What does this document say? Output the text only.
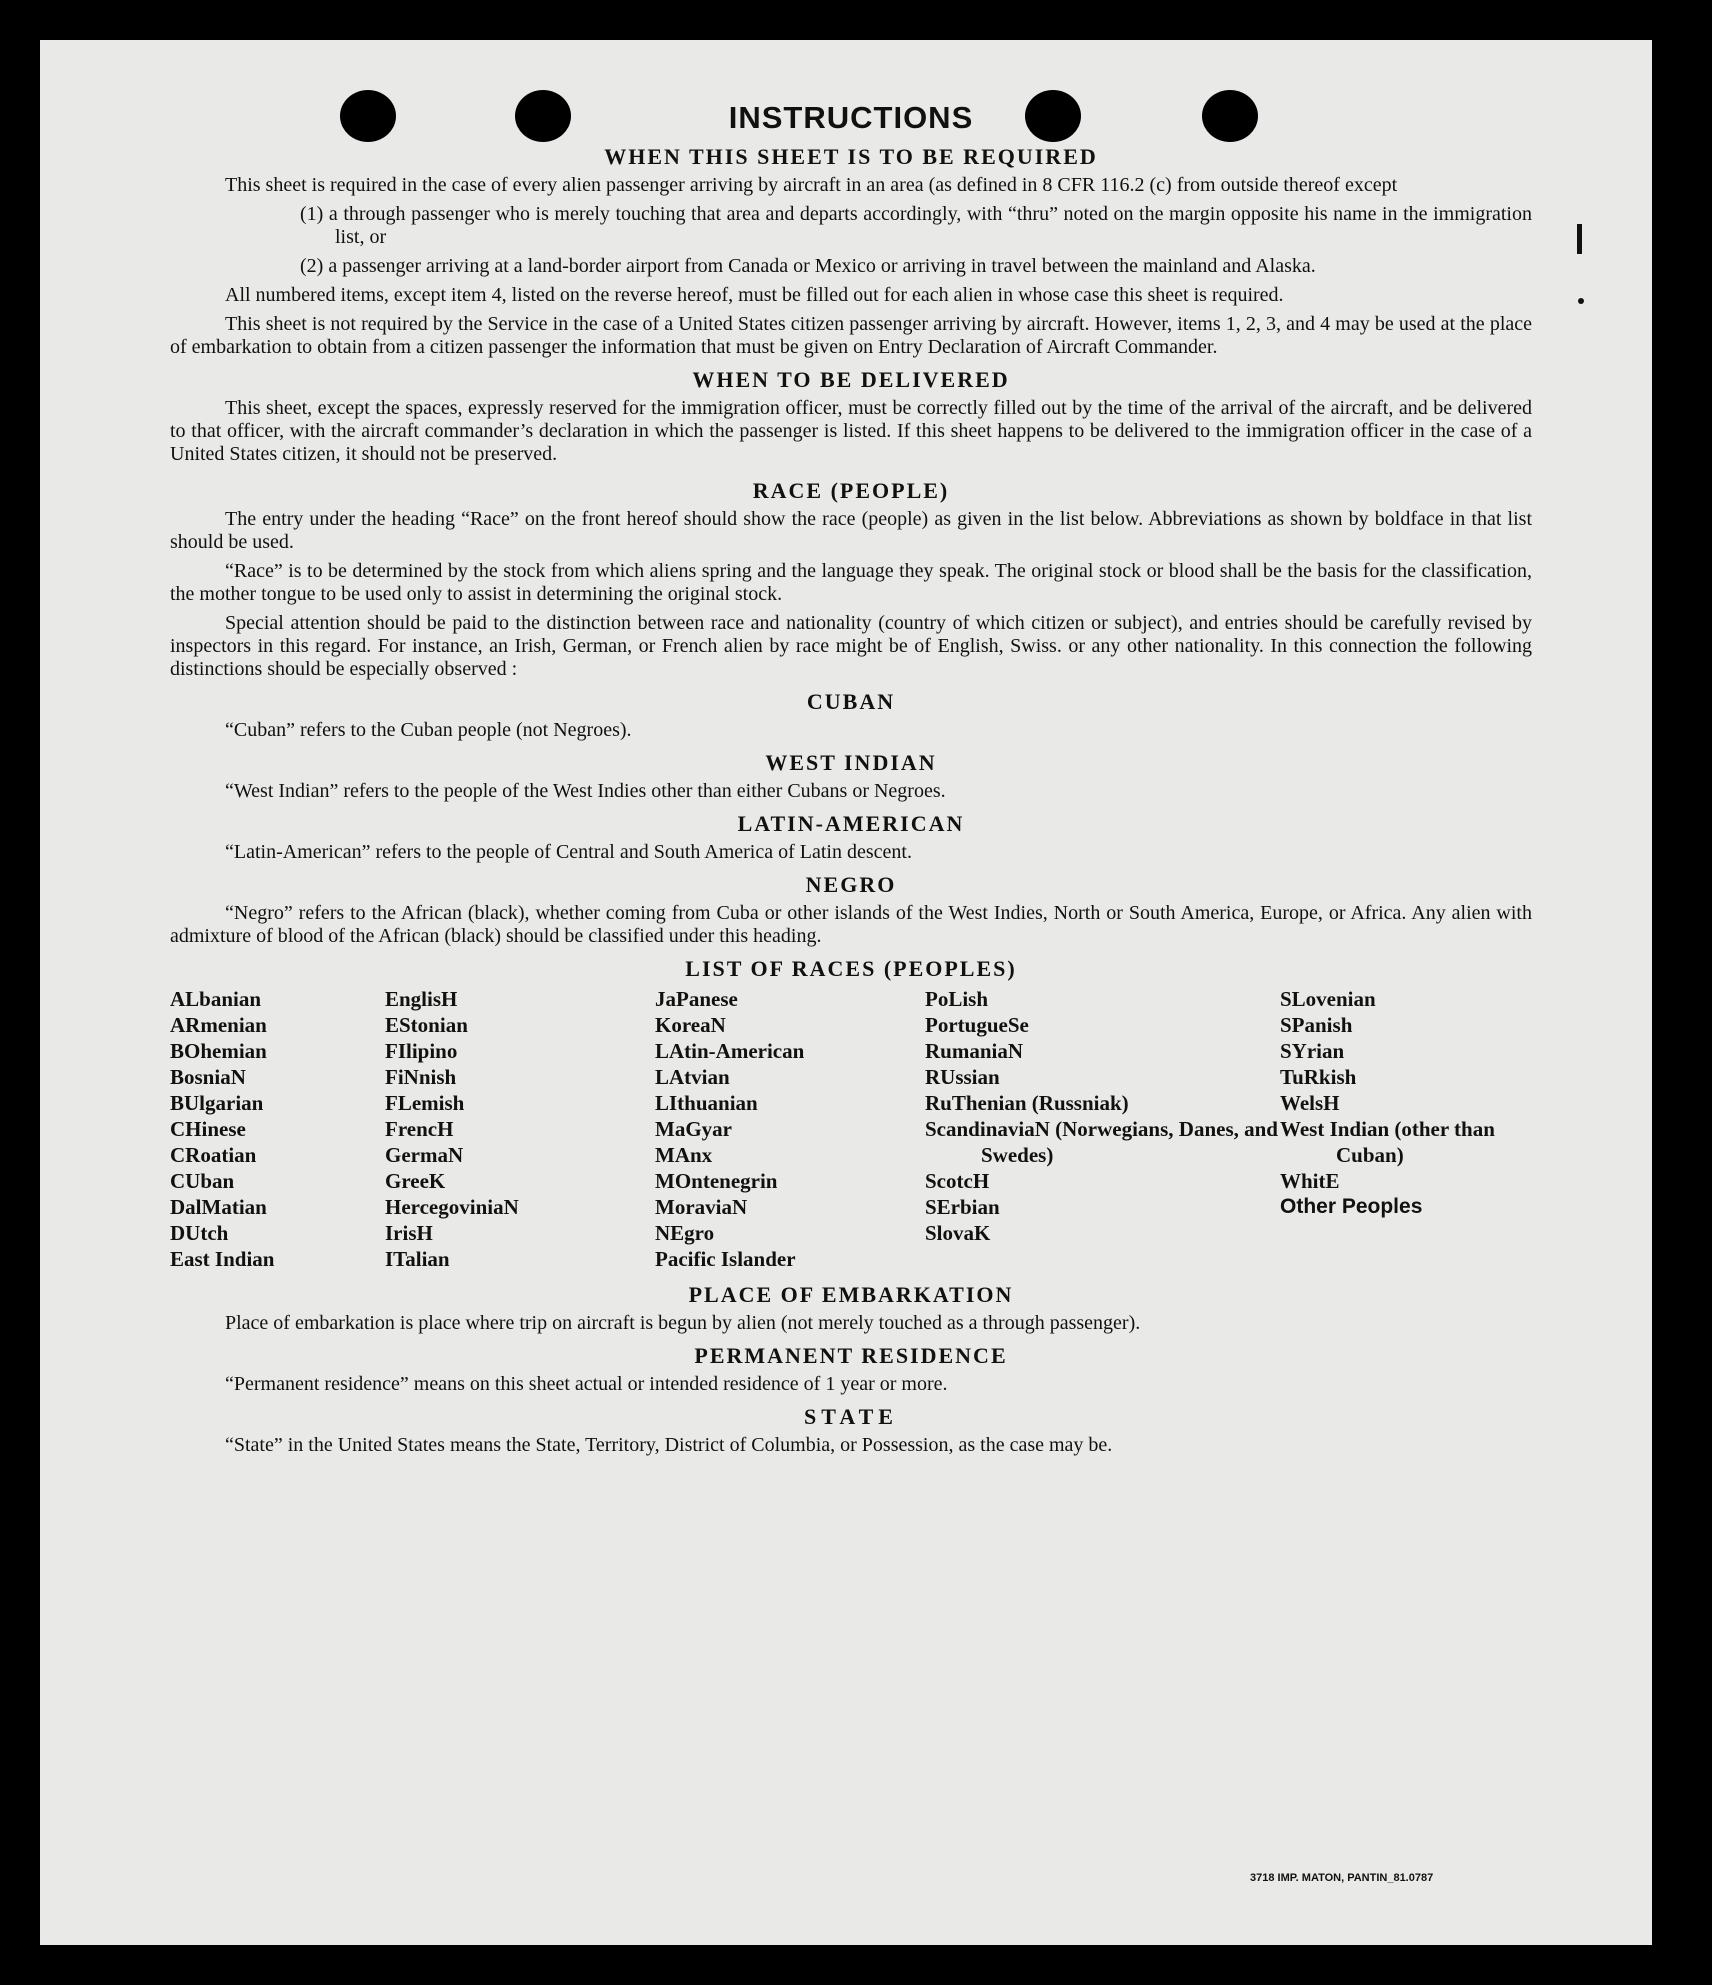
INSTRUCTIONS
WHEN THIS SHEET IS TO BE REQUIRED

This sheet is required in the case of every alien passenger arriving by aircraft in an area (as defined in 8 CFR 116.2 (c) from outside thereof except

(1) a through passenger who is merely touching that area and departs accordingly, with “thru” noted on the margin opposite his name in the immigration list, or

(2) a passenger arriving at a land-border airport from Canada or Mexico or arriving in travel between the mainland and Alaska.

All numbered items, except item 4, listed on the reverse hereof, must be filled out for each alien in whose case this sheet is required.

This sheet is not required by the Service in the case of a United States citizen passenger arriving by aircraft. However, items 1, 2, 3, and 4 may be used at the place of embarkation to obtain from a citizen passenger the information that must be given on Entry Declaration of Aircraft Commander.

WHEN TO BE DELIVERED

This sheet, except the spaces, expressly reserved for the immigration officer, must be correctly filled out by the time of the arrival of the aircraft, and be delivered to that officer, with the aircraft commander’s declaration in which the passenger is listed. If this sheet happens to be delivered to the immigration officer in the case of a United States citizen, it should not be preserved.

RACE (PEOPLE)

The entry under the heading “Race” on the front hereof should show the race (people) as given in the list below. Abbreviations as shown by boldface in that list should be used.

“Race” is to be determined by the stock from which aliens spring and the language they speak. The original stock or blood shall be the basis for the classification, the mother tongue to be used only to assist in determining the original stock.

Special attention should be paid to the distinction between race and nationality (country of which citizen or subject), and entries should be carefully revised by inspectors in this regard. For instance, an Irish, German, or French alien by race might be of English, Swiss. or any other nationality. In this connection the following distinctions should be especially observed :

CUBAN

“Cuban” refers to the Cuban people (not Negroes).

WEST INDIAN

“West Indian” refers to the people of the West Indies other than either Cubans or Negroes.

LATIN-AMERICAN

“Latin-American” refers to the people of Central and South America of Latin descent.

NEGRO

“Negro” refers to the African (black), whether coming from Cuba or other islands of the West Indies, North or South America, Europe, or Africa. Any alien with admixture of blood of the African (black) should be classified under this heading.

LIST OF RACES (PEOPLES)
ALbanian
ARmenian
BOhemian
BosniaN
BUlgarian
CHinese
CRoatian
CUban
DalMatian
DUtch
East Indian
EnglisH
EStonian
FIlipino
FiNnish
FLemish
FrencH
GermaN
GreeK
HercegoviniaN
IrisH
ITalian
JaPanese
KoreaN
LAtin-American
LAtvian
LIthuanian
MaGyar
MAnx
MOntenegrin
MoraviaN
NEgro
Pacific Islander
PoLish
PortugueSe
RumaniaN
RUssian
RuThenian (Russniak)
ScandinaviaN (Norwegians, Danes, and Swedes)
ScotcH
SErbian
SlovaK
SLovenian
SPanish
SYrian
TuRkish
WelsH
West Indian (other than Cuban)
WhitE
Other Peoples
PLACE OF EMBARKATION

Place of embarkation is place where trip on aircraft is begun by alien (not merely touched as a through passenger).

PERMANENT RESIDENCE

“Permanent residence” means on this sheet actual or intended residence of 1 year or more.

STATE

“State” in the United States means the State, Territory, District of Columbia, or Possession, as the case may be.

3718 IMP. MATON, PANTIN_81.0787
